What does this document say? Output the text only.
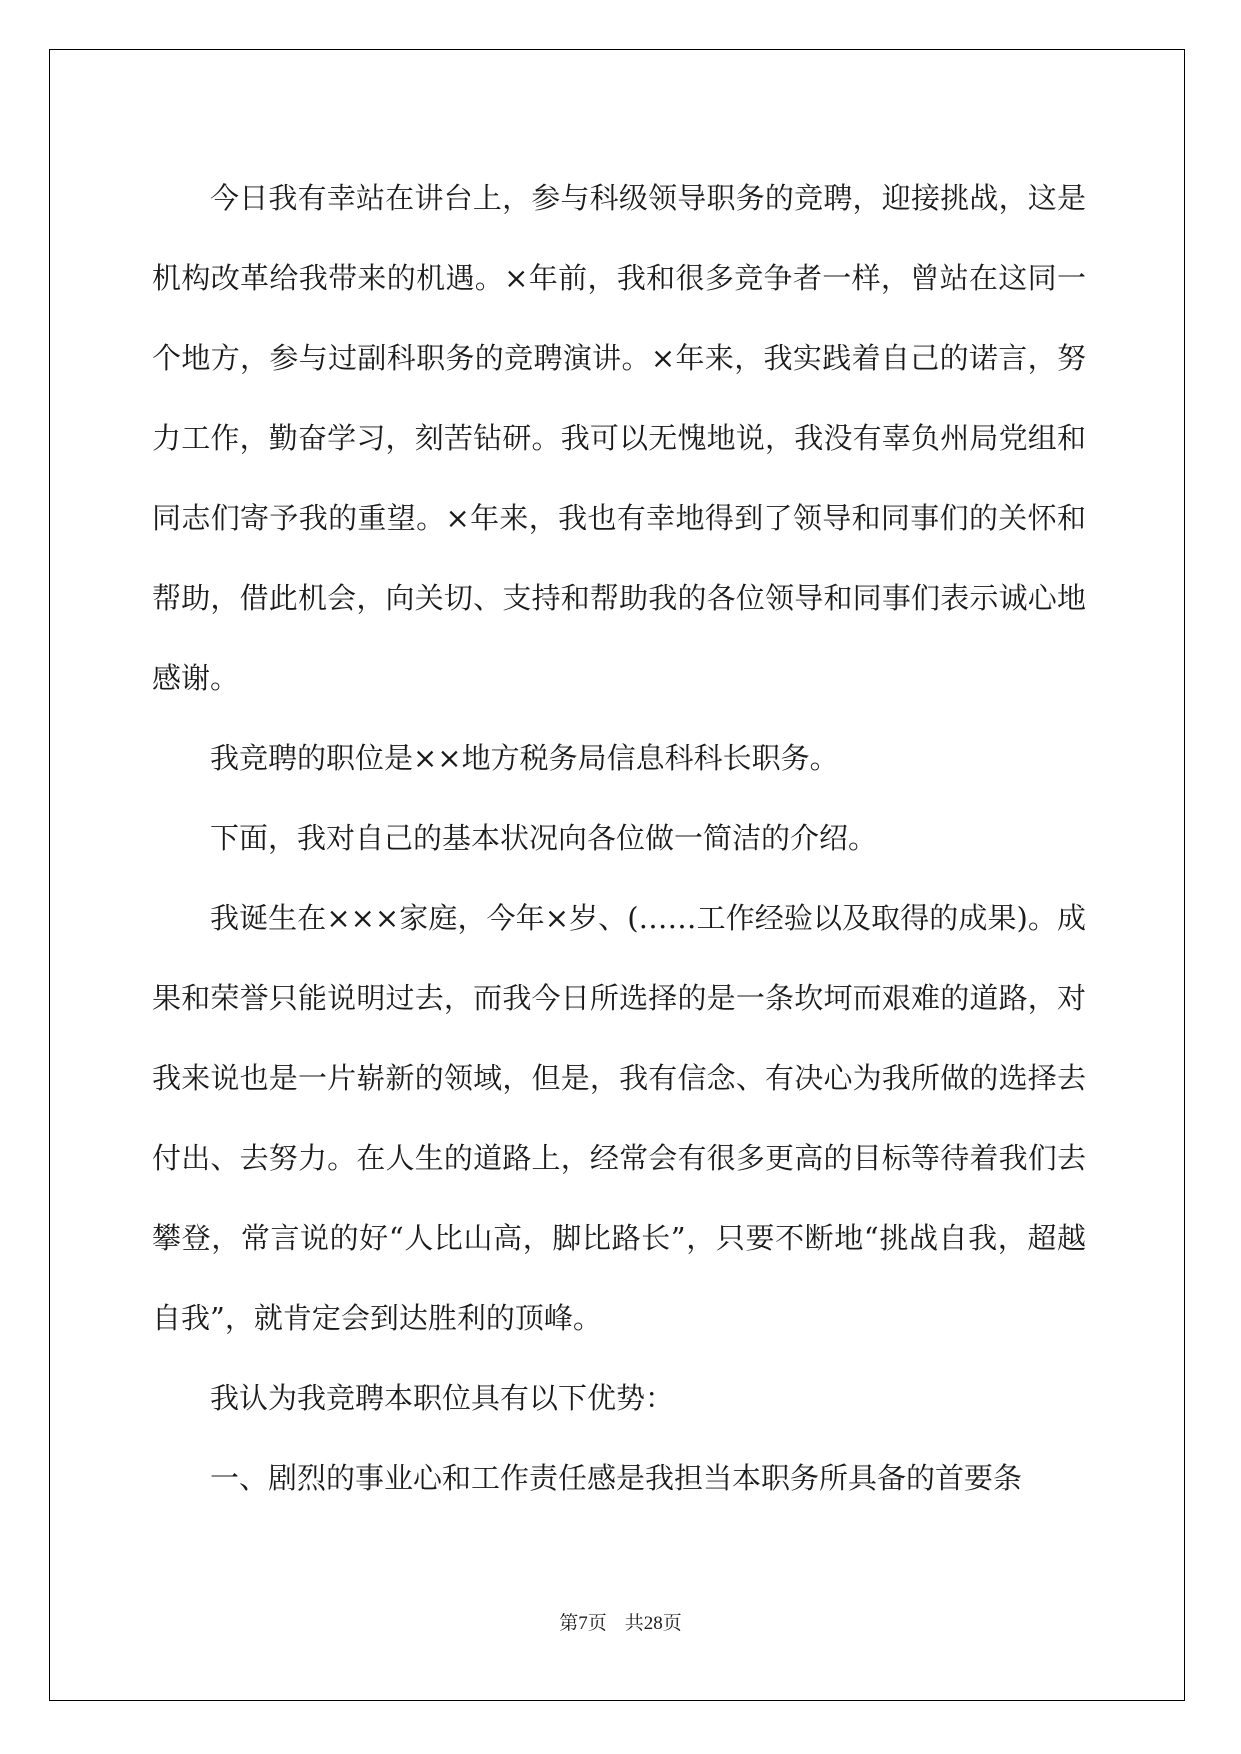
今日我有幸站在讲台上，参与科级领导职务的竞聘，迎接挑战，这是机构改革给我带来的机遇。×年前，我和很多竞争者一样，曾站在这同一个地方，参与过副科职务的竞聘演讲。×年来，我实践着自己的诺言，努力工作，勤奋学习，刻苦钻研。我可以无愧地说，我没有辜负州局党组和同志们寄予我的重望。×年来，我也有幸地得到了领导和同事们的关怀和帮助，借此机会，向关切、支持和帮助我的各位领导和同事们表示诚心地感谢。

我竞聘的职位是××地方税务局信息科科长职务。

下面，我对自己的基本状况向各位做一简洁的介绍。

我诞生在×××家庭，今年×岁、(……工作经验以及取得的成果)。成果和荣誉只能说明过去，而我今日所选择的是一条坎坷而艰难的道路，对我来说也是一片崭新的领域，但是，我有信念、有决心为我所做的选择去付出、去努力。在人生的道路上，经常会有很多更高的目标等待着我们去攀登，常言说的好“人比山高，脚比路长”，只要不断地“挑战自我，超越自我”，就肯定会到达胜利的顶峰。

我认为我竞聘本职位具有以下优势：

一、剧烈的事业心和工作责任感是我担当本职务所具备的首要条

第7页 共28页
